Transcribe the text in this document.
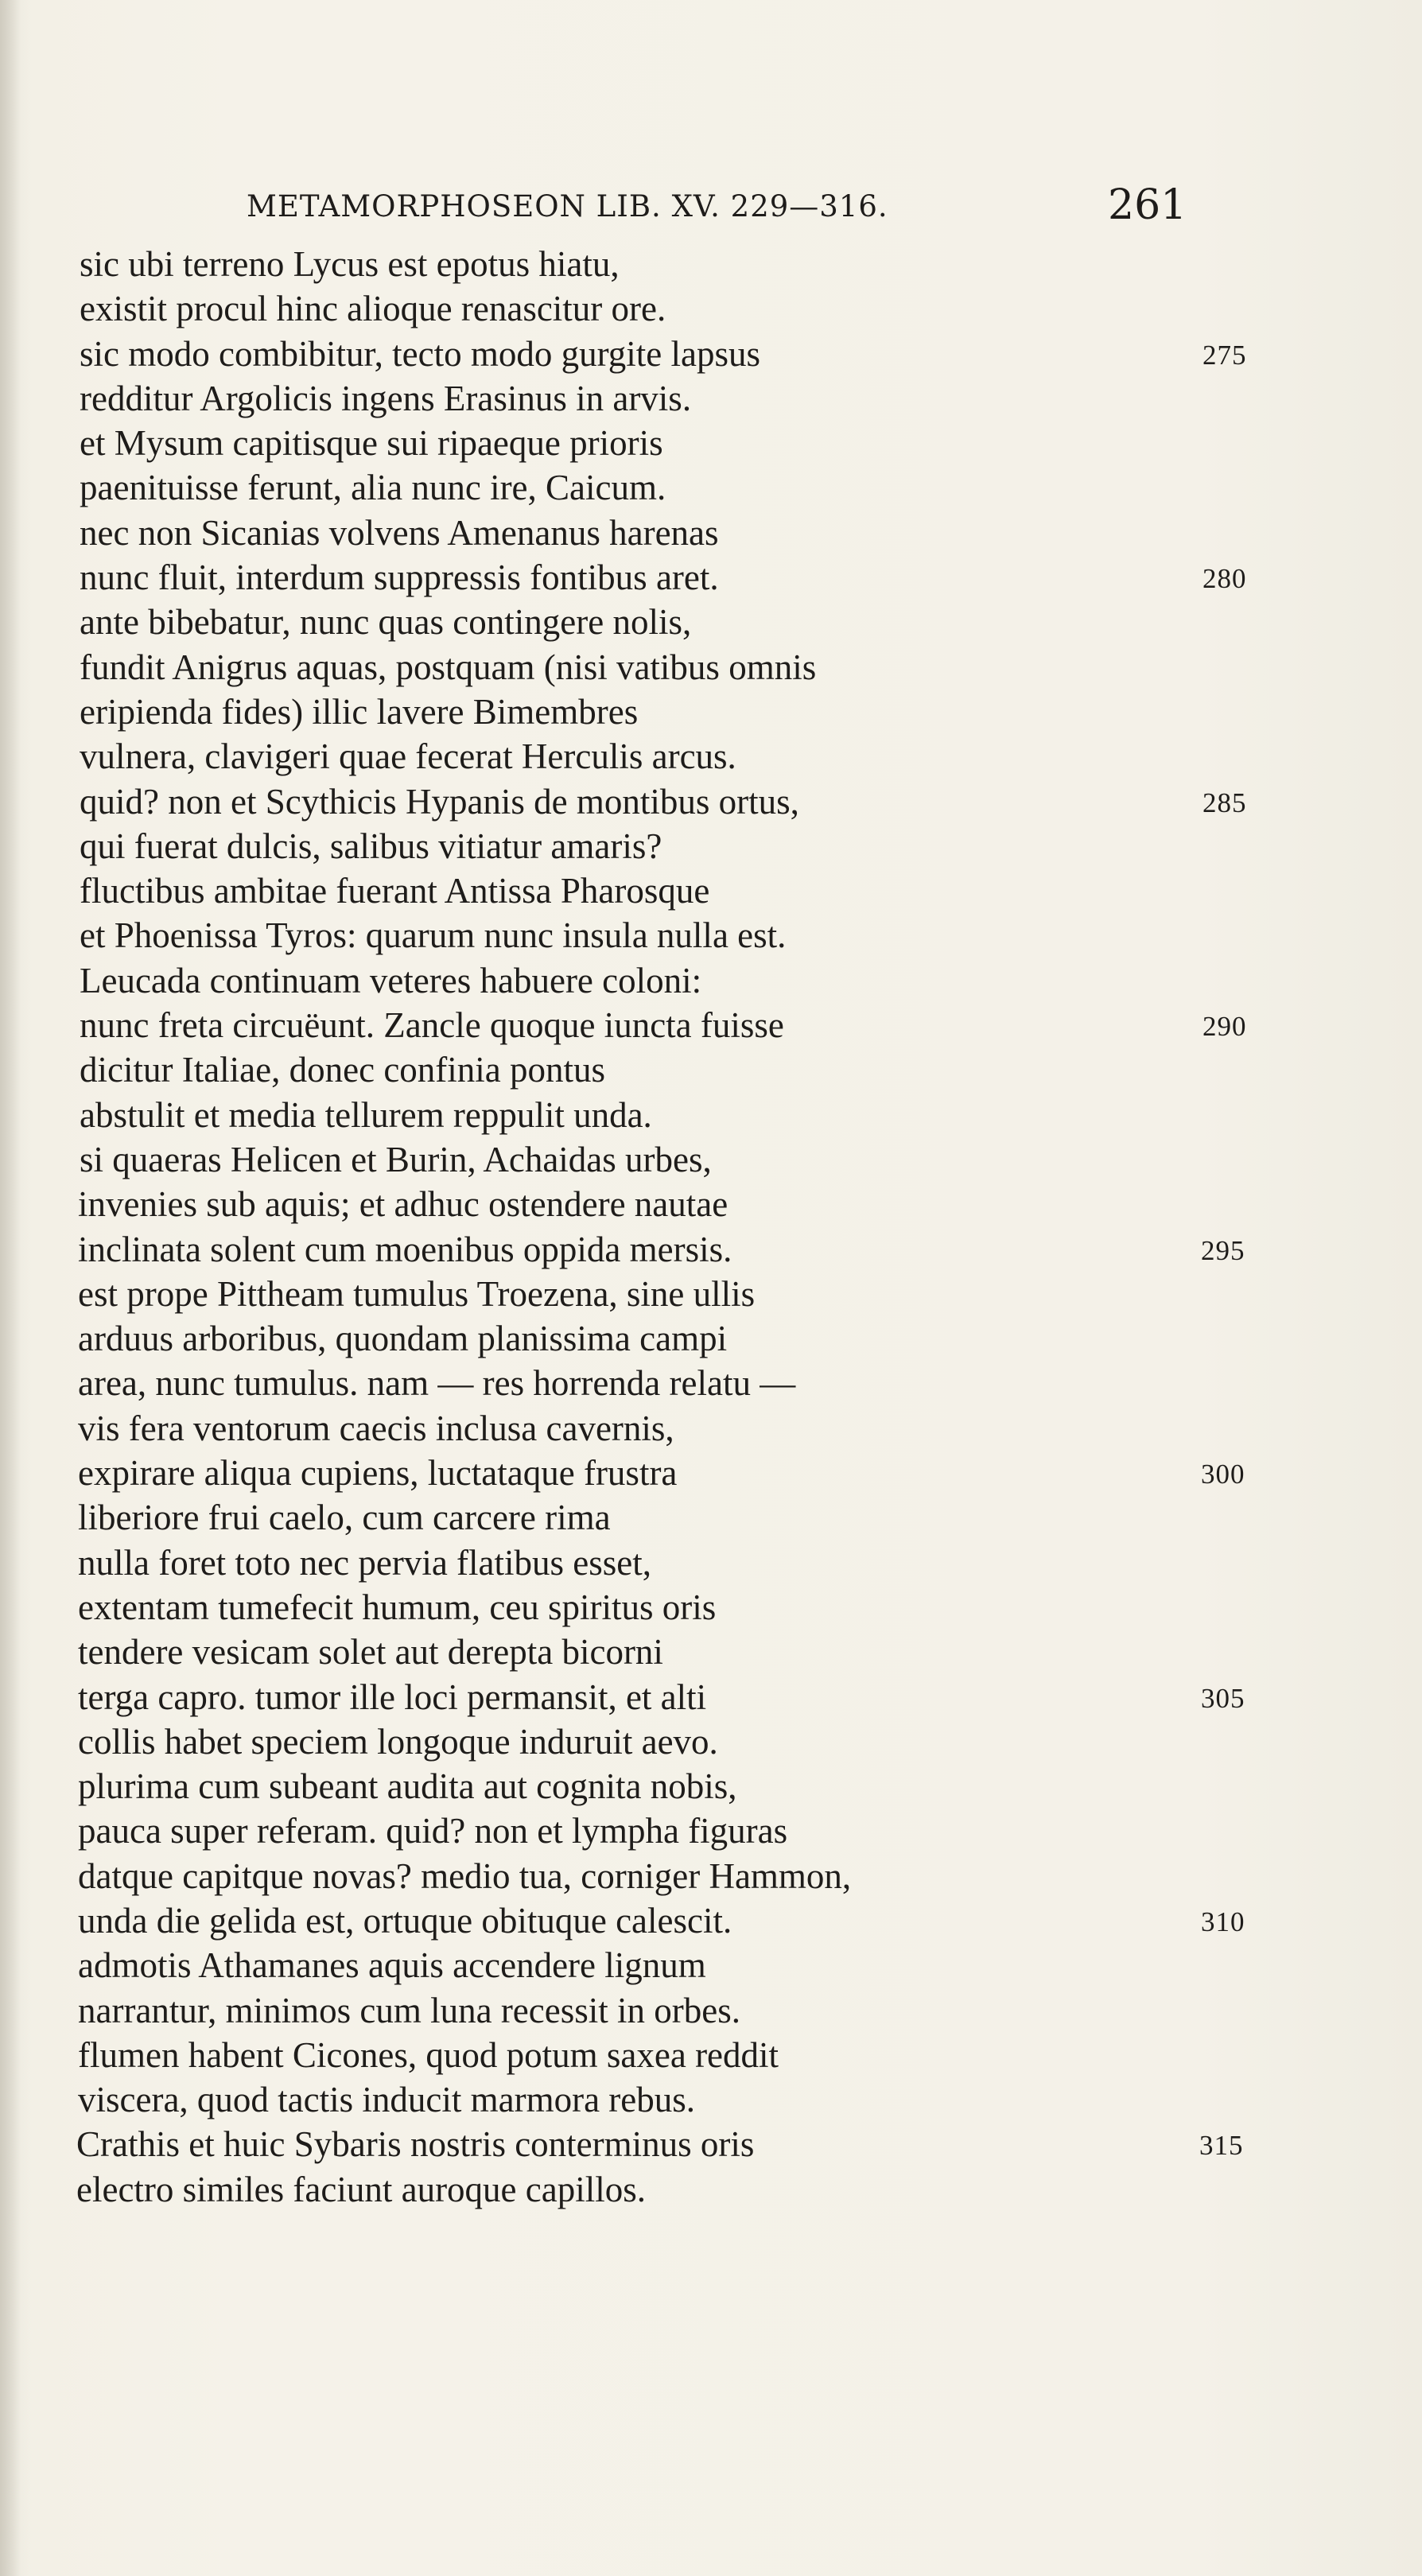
METAMORPHOSEON LIB. XV. 229—316.	261
sic ubi terreno Lycus est epotus hiatu,
existit procul hinc alioque renascitur ore.
sic modo combibitur, tecto modo gurgite lapsus	275
redditur Argolicis ingens Erasinus in arvis.
et Mysum capitisque sui ripaeque prioris
paenituisse ferunt, alia nunc ire, Caicum.
nec non Sicanias volvens Amenanus harenas
nunc fluit, interdum suppressis fontibus aret.	280
ante bibebatur, nunc quas contingere nolis,
fundit Anigrus aquas, postquam (nisi vatibus omnis
eripienda fides) illic lavere Bimembres
vulnera, clavigeri quae fecerat Herculis arcus.
quid? non et Scythicis Hypanis de montibus ortus,	285
qui fuerat dulcis, salibus vitiatur amaris?
fluctibus ambitae fuerant Antissa Pharosque
et Phoenissa Tyros: quarum nunc insula nulla est.
Leucada continuam veteres habuere coloni:
nunc freta circuëunt. Zancle quoque iuncta fuisse	290
dicitur Italiae, donec confinia pontus
abstulit et media tellurem reppulit unda.
si quaeras Helicen et Burin, Achaidas urbes,
invenies sub aquis; et adhuc ostendere nautae
inclinata solent cum moenibus oppida mersis.	295
est prope Pittheam tumulus Troezena, sine ullis
arduus arboribus, quondam planissima campi
area, nunc tumulus. nam — res horrenda relatu —
vis fera ventorum caecis inclusa cavernis,
expirare aliqua cupiens, luctataque frustra	300
liberiore frui caelo, cum carcere rima
nulla foret toto nec pervia flatibus esset,
extentam tumefecit humum, ceu spiritus oris
tendere vesicam solet aut derepta bicorni
terga capro. tumor ille loci permansit, et alti	305
collis habet speciem longoque induruit aevo.
plurima cum subeant audita aut cognita nobis,
pauca super referam. quid? non et lympha figuras
datque capitque novas? medio tua, corniger Hammon,
unda die gelida est, ortuque obituque calescit.	310
admotis Athamanes aquis accendere lignum
narrantur, minimos cum luna recessit in orbes.
flumen habent Cicones, quod potum saxea reddit
viscera, quod tactis inducit marmora rebus.
Crathis et huic Sybaris nostris conterminus oris	315
electro similes faciunt auroque capillos.
